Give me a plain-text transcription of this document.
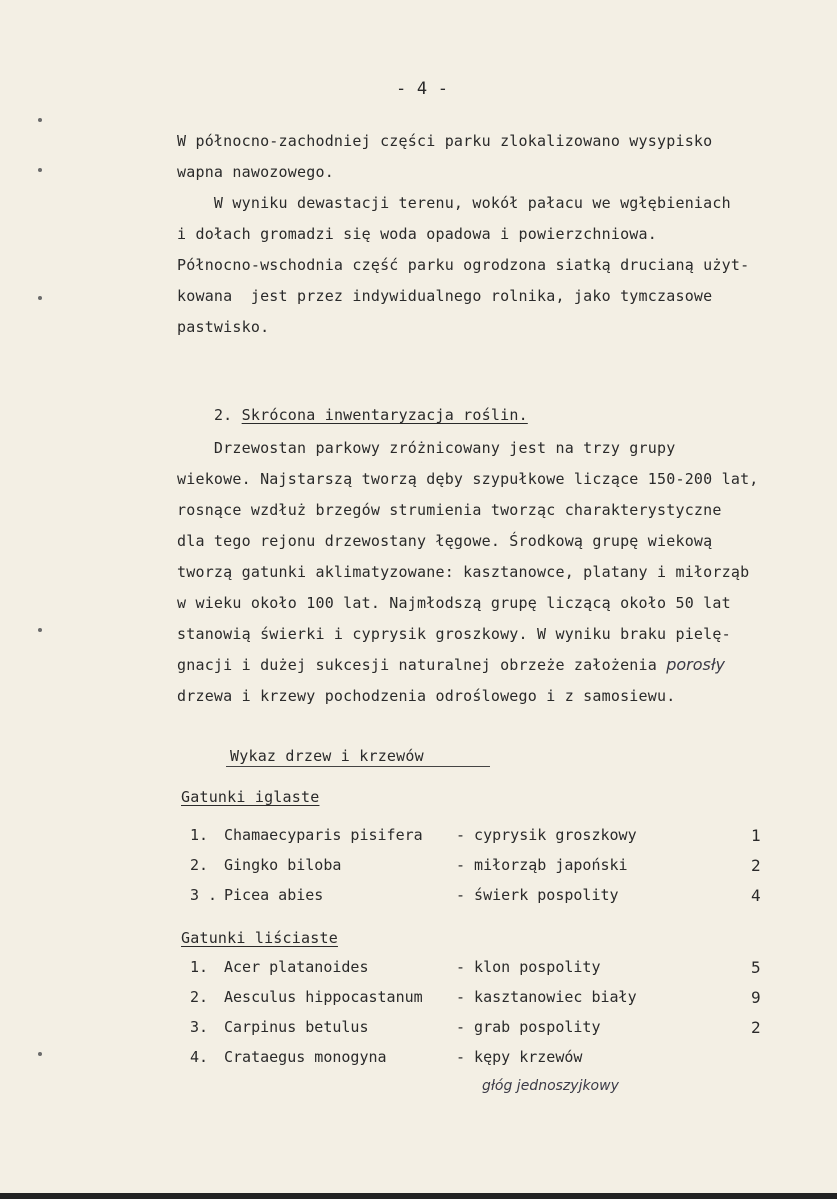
- 4 -
W północno-zachodniej części parku zlokalizowano wysypisko
wapna nawozowego.
W wyniku dewastacji terenu, wokół pałacu we wgłębieniach
i dołach gromadzi się woda opadowa i powierzchniowa.
Północno-wschodnia część parku ogrodzona siatką drucianą użyt-
kowana  jest przez indywidualnego rolnika, jako tymczasowe
pastwisko.

2. Skrócona inwentaryzacja roślin.

Drzewostan parkowy zróżnicowany jest na trzy grupy
wiekowe. Najstarszą tworzą dęby szypułkowe liczące 150-200 lat,
rosnące wzdłuż brzegów strumienia tworząc charakterystyczne
dla tego rejonu drzewostany łęgowe. Środkową grupę wiekową
tworzą gatunki aklimatyzowane: kasztanowce, platany i miłorząb
w wieku około 100 lat. Najmłodszą grupę liczącą około 50 lat
stanowią świerki i cyprysik groszkowy. W wyniku braku pielę-
gnacji i dużej sukcesji naturalnej obrzeże założenia porosły
drzewa i krzewy pochodzenia odroślowego i z samosiewu.
Wykaz drzew i krzewów
Gatunki iglaste
1. Chamaecyparis pisifera - cyprysik groszkowy	1
2. Gingko biloba	- miłorząb japoński	2
3 . Picea abies	- świerk pospolity	4
Gatunki liściaste
1. Acer platanoides	- klon pospolity	5
2. Aesculus hippocastanum - kasztanowiec biały	9
3. Carpinus betulus	- grab pospolity	2
4. Crataegus monogyna	- kępy krzewów
głóg jednoszyjkowy
